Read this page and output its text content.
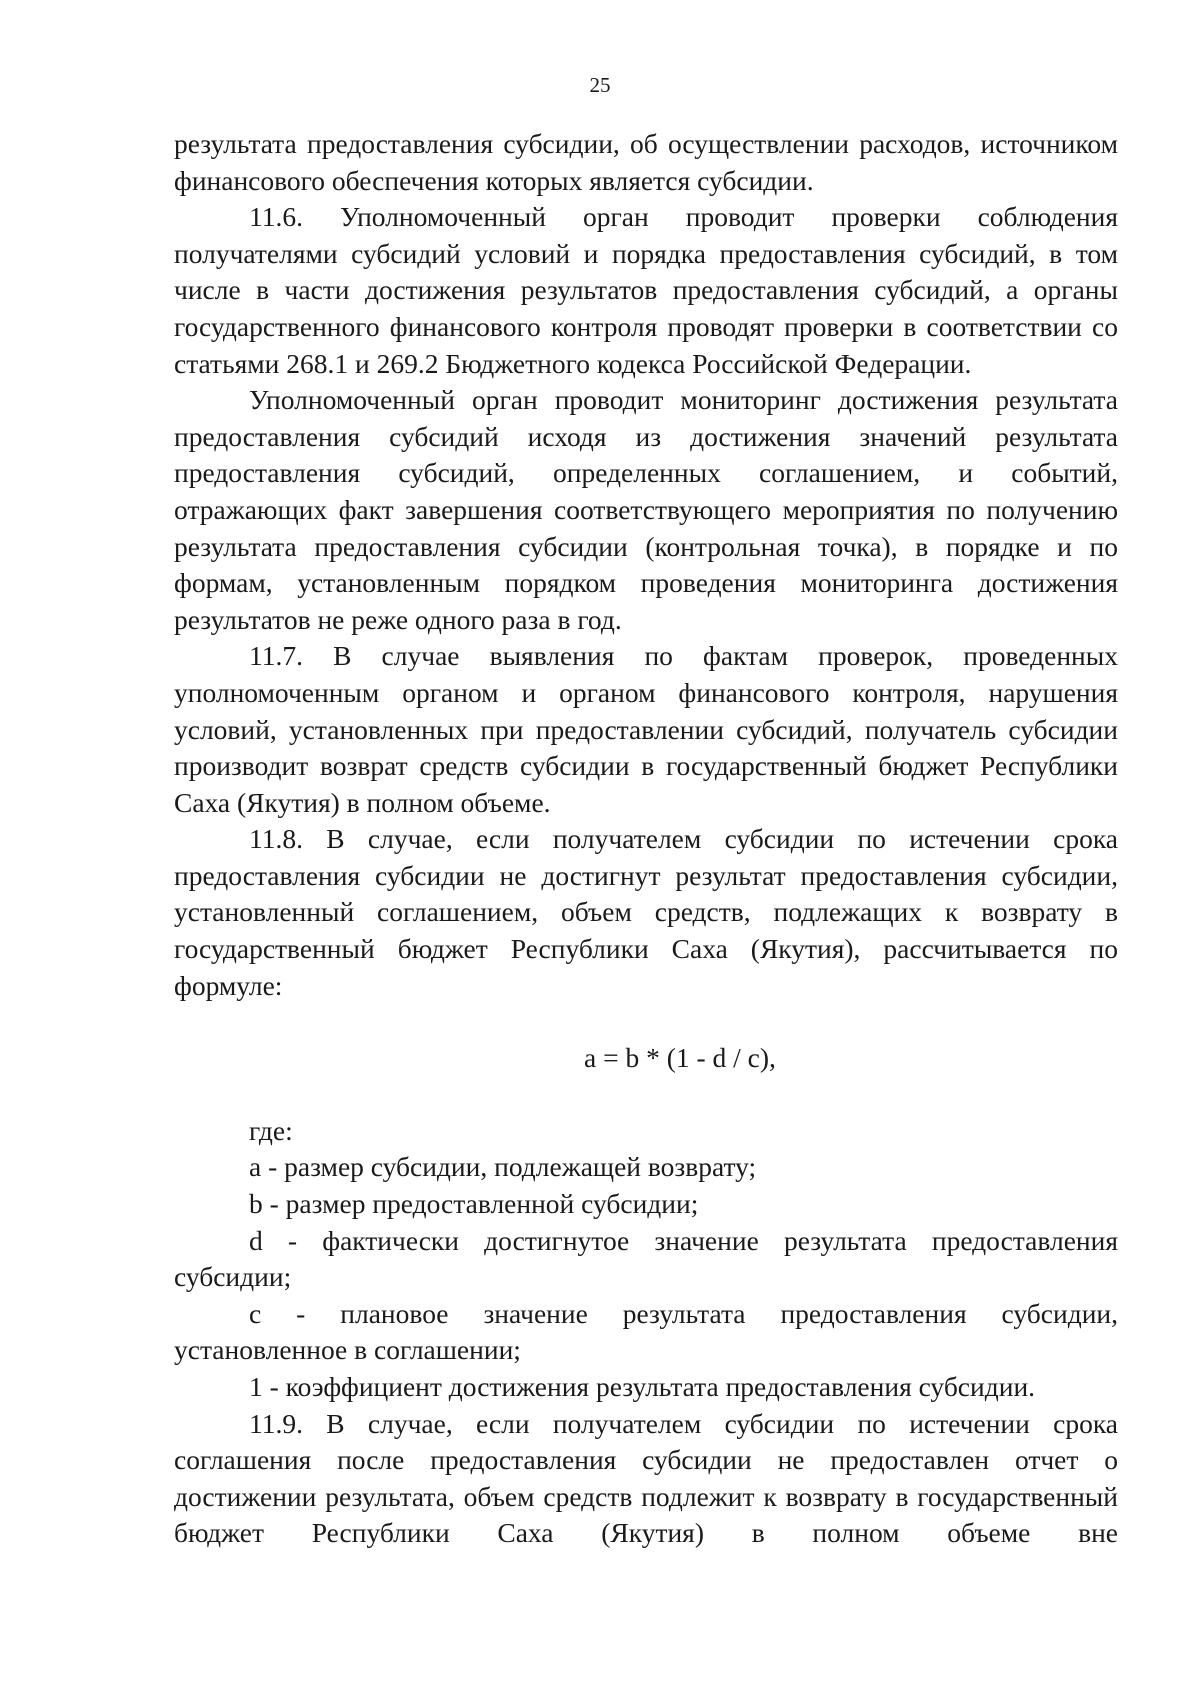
25

результата предоставления субсидии, об осуществлении расходов, источником финансового обеспечения которых является субсидии.

11.6. Уполномоченный орган проводит проверки соблюдения получателями субсидий условий и порядка предоставления субсидий, в том числе в части достижения результатов предоставления субсидий, а органы государственного финансового контроля проводят проверки в соответствии со статьями 268.1 и 269.2 Бюджетного кодекса Российской Федерации.

Уполномоченный орган проводит мониторинг достижения результата предоставления субсидий исходя из достижения значений результата предоставления субсидий, определенных соглашением, и событий, отражающих факт завершения соответствующего мероприятия по получению результата предоставления субсидии (контрольная точка), в порядке и по формам, установленным порядком проведения мониторинга достижения результатов не реже одного раза в год.

11.7. В случае выявления по фактам проверок, проведенных уполномоченным органом и органом финансового контроля, нарушения условий, установленных при предоставлении субсидий, получатель субсидии производит возврат средств субсидии в государственный бюджет Республики Саха (Якутия) в полном объеме.

11.8. В случае, если получателем субсидии по истечении срока предоставления субсидии не достигнут результат предоставления субсидии, установленный соглашением, объем средств, подлежащих к возврату в государственный бюджет Республики Саха (Якутия), рассчитывается по формуле:

a = b * (1 - d / c),

где:

a - размер субсидии, подлежащей возврату;

b - размер предоставленной субсидии;

d - фактически достигнутое значение результата предоставления субсидии;

c - плановое значение результата предоставления субсидии, установленное в соглашении;

1 - коэффициент достижения результата предоставления субсидии.

11.9. В случае, если получателем субсидии по истечении срока соглашения после предоставления субсидии не предоставлен отчет о достижении результата, объем средств подлежит к возврату в государственный бюджет Республики Саха (Якутия) в полном объеме вне
